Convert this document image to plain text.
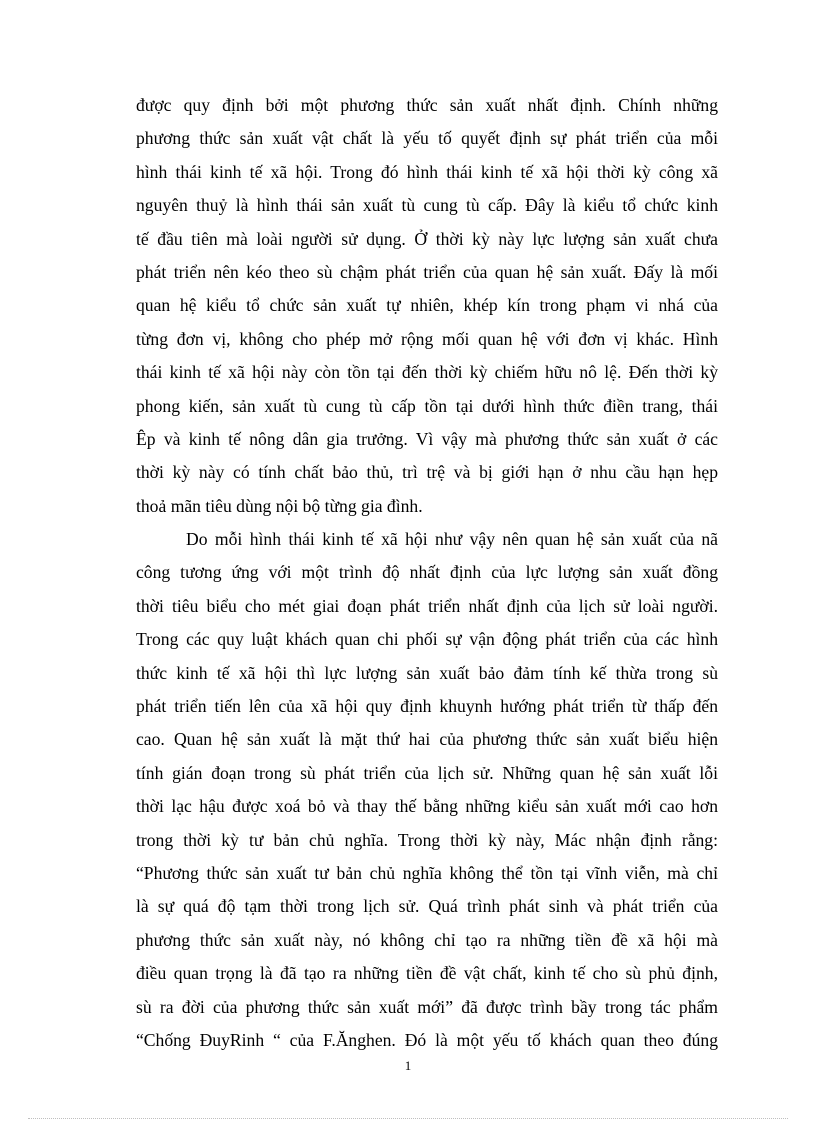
được quy định bởi một phương thức sản xuất nhất định. Chính những
phương thức sản xuất vật chất là yếu tố quyết định sự phát triển của mỗi
hình thái kinh tế xã hội. Trong đó hình thái kinh tế xã hội thời kỳ công xã
nguyên thuỷ là hình thái sản xuất tù cung tù cấp. Đây là kiểu tổ chức kinh
tế đầu tiên mà loài người sử dụng. Ở thời kỳ này lực lượng sản xuất chưa
phát triển nên kéo theo sù chậm phát triển của quan hệ sản xuất. Đấy là mối
quan hệ kiểu tổ chức sản xuất tự nhiên, khép kín trong phạm vi nhá của
từng đơn vị, không cho phép mở rộng mối quan hệ với đơn vị khác. Hình
thái kinh tế xã hội này còn tồn tại đến thời kỳ chiếm hữu nô lệ. Đến thời kỳ
phong kiến, sản xuất tù cung tù cấp tồn tại dưới hình thức điền trang, thái
Êp và kinh tế nông dân gia trưởng. Vì vậy mà phương thức sản xuất ở các
thời kỳ này có tính chất bảo thủ, trì trệ và bị giới hạn ở nhu cầu hạn hẹp
thoả mãn tiêu dùng nội bộ từng gia đình.
Do mỗi hình thái kinh tế xã hội như vậy nên quan hệ sản xuất của nã
công tương ứng với một trình độ nhất định của lực lượng sản xuất đồng
thời tiêu biểu cho mét giai đoạn phát triển nhất định của lịch sử loài người.
Trong các quy luật khách quan chi phối sự vận động phát triển của các hình
thức kinh tế xã hội thì lực lượng sản xuất bảo đảm tính kế thừa trong sù
phát triển tiến lên của xã hội quy định khuynh hướng phát triển từ thấp đến
cao. Quan hệ sản xuất là mặt thứ hai của phương thức sản xuất biểu hiện
tính gián đoạn trong sù phát triển của lịch sử. Những quan hệ sản xuất lỗi
thời lạc hậu được xoá bỏ và thay thế bằng những kiểu sản xuất mới cao hơn
trong thời kỳ tư bản chủ nghĩa. Trong thời kỳ này, Mác nhận định rằng:
“Phương thức sản xuất tư bản chủ nghĩa không thể tồn tại vĩnh viễn, mà chỉ
là sự quá độ tạm thời trong lịch sử. Quá trình phát sinh và phát triển của
phương thức sản xuất này, nó không chỉ tạo ra những tiền đề xã hội mà
điều quan trọng là đã tạo ra những tiền đề vật chất, kinh tế cho sù phủ định,
sù ra đời của phương thức sản xuất mới” đã được trình bầy trong tác phẩm
“Chống ĐuyRinh “ của F.Ănghen. Đó là một yếu tố khách quan theo đúng
1
